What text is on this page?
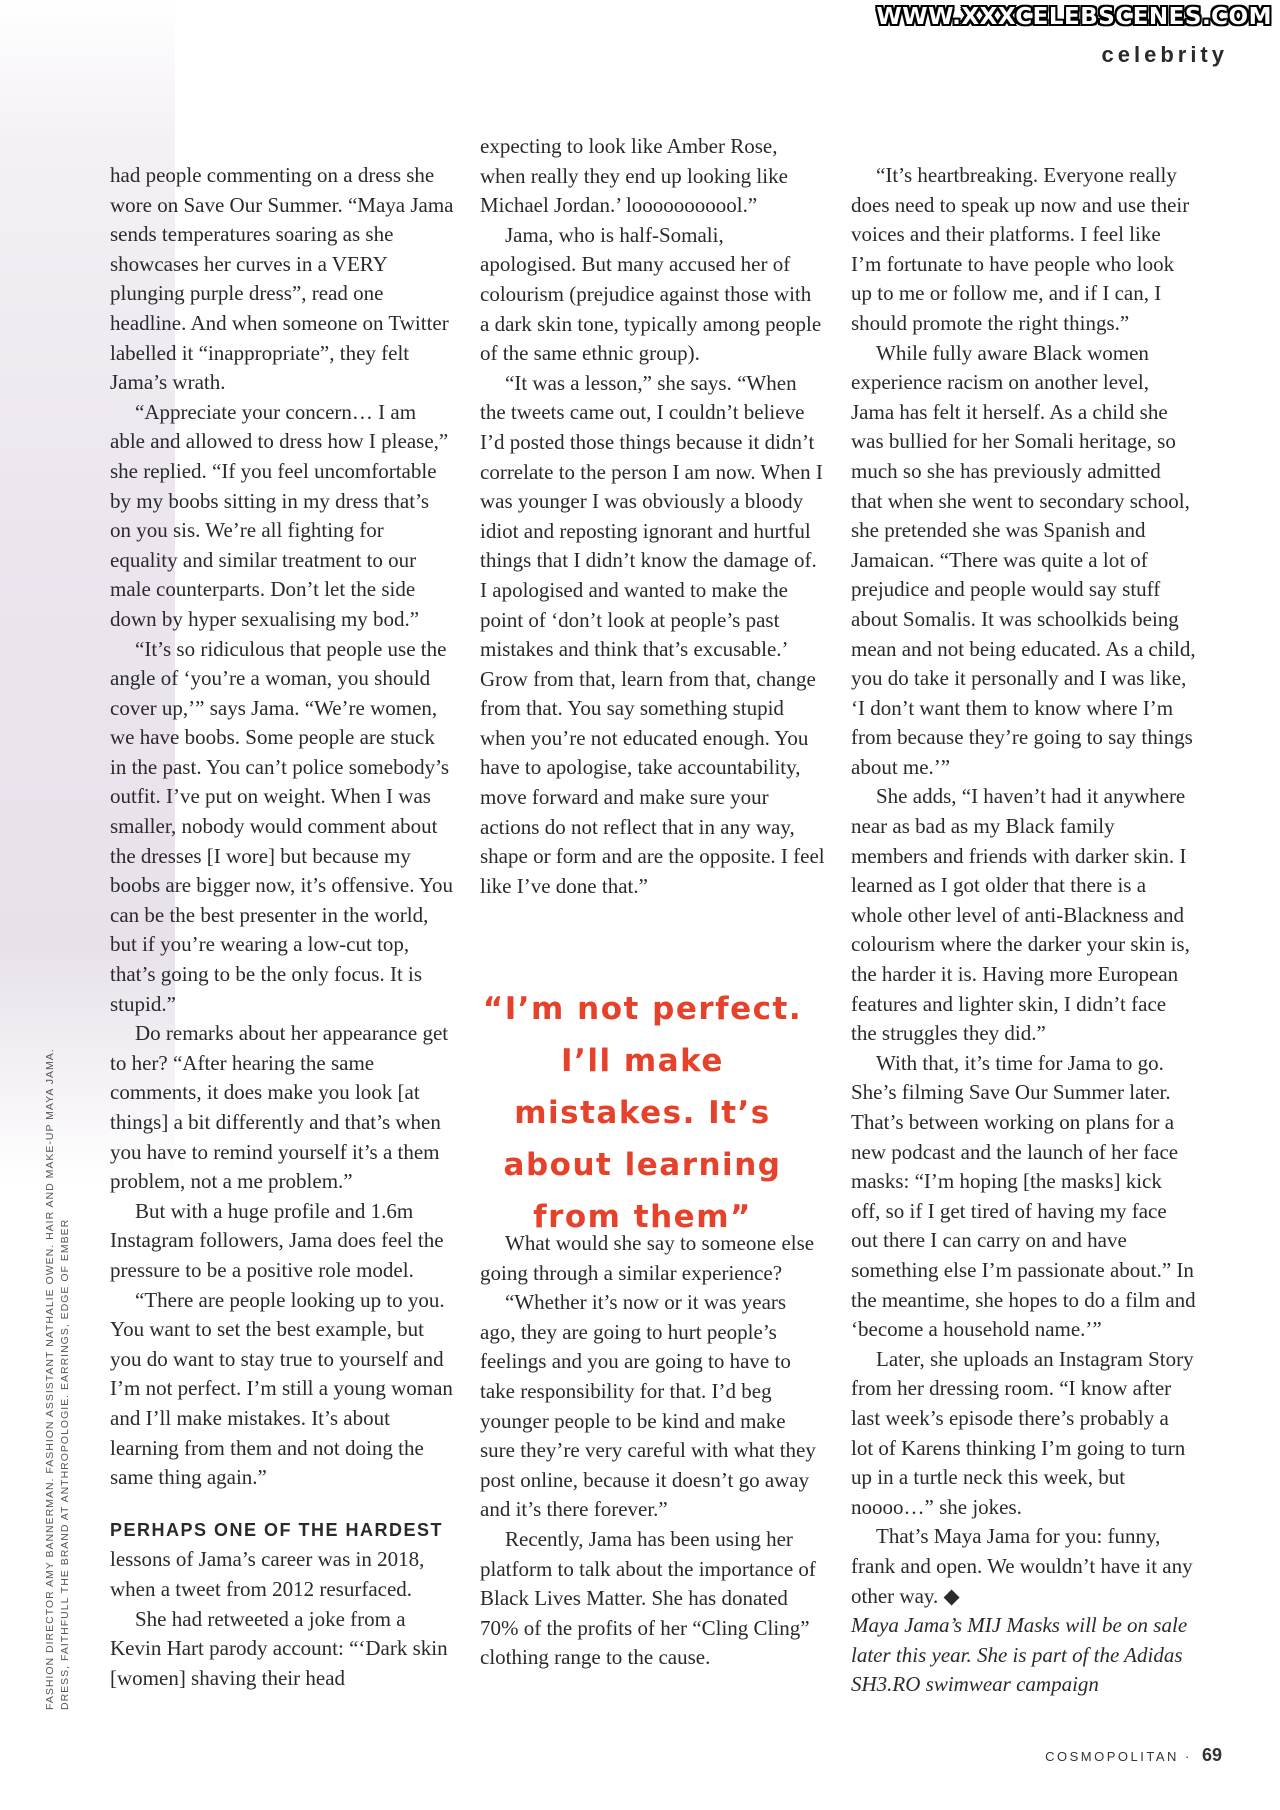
WWW.XXXCELEBSCENES.COM
celebrity

had people commenting on a dress she wore on Save Our Summer. “Maya Jama sends temperatures soaring as she showcases her curves in a VERY plunging purple dress”, read one headline. And when someone on Twitter labelled it “inappropriate”, they felt Jama’s wrath.

“Appreciate your concern… I am able and allowed to dress how I please,” she replied. “If you feel uncomfortable by my boobs sitting in my dress that’s on you sis. We’re all fighting for equality and similar treatment to our male counterparts. Don’t let the side down by hyper sexualising my bod.”

“It’s so ridiculous that people use the angle of ‘you’re a woman, you should cover up,’” says Jama. “We’re women, we have boobs. Some people are stuck in the past. You can’t police somebody’s outfit. I’ve put on weight. When I was smaller, nobody would comment about the dresses [I wore] but because my boobs are bigger now, it’s offensive. You can be the best presenter in the world, but if you’re wearing a low-cut top, that’s going to be the only focus. It is stupid.”

Do remarks about her appearance get to her? “After hearing the same comments, it does make you look [at things] a bit differently and that’s when you have to remind yourself it’s a them problem, not a me problem.”

But with a huge profile and 1.6m Instagram followers, Jama does feel the pressure to be a positive role model.

“There are people looking up to you. You want to set the best example, but you do want to stay true to yourself and I’m not perfect. I’m still a young woman and I’ll make mistakes. It’s about learning from them and not doing the same thing again.”

PERHAPS ONE OF THE HARDEST lessons of Jama’s career was in 2018, when a tweet from 2012 resurfaced.

She had retweeted a joke from a Kevin Hart parody account: “‘Dark skin [women] shaving their head

expecting to look like Amber Rose, when really they end up looking like Michael Jordan.’ looooooooool.”

Jama, who is half-Somali, apologised. But many accused her of colourism (prejudice against those with a dark skin tone, typically among people of the same ethnic group).

“It was a lesson,” she says. “When the tweets came out, I couldn’t believe I’d posted those things because it didn’t correlate to the person I am now. When I was younger I was obviously a bloody idiot and reposting ignorant and hurtful things that I didn’t know the damage of. I apologised and wanted to make the point of ‘don’t look at people’s past mistakes and think that’s excusable.’ Grow from that, learn from that, change from that. You say something stupid when you’re not educated enough. You have to apologise, take accountability, move forward and make sure your actions do not reflect that in any way, shape or form and are the opposite. I feel like I’ve done that.”

“I’m not perfect. I’ll make mistakes. It’s about learning from them”

What would she say to someone else going through a similar experience?

“Whether it’s now or it was years ago, they are going to hurt people’s feelings and you are going to have to take responsibility for that. I’d beg younger people to be kind and make sure they’re very careful with what they post online, because it doesn’t go away and it’s there forever.”

Recently, Jama has been using her platform to talk about the importance of Black Lives Matter. She has donated 70% of the profits of her “Cling Cling” clothing range to the cause.

“It’s heartbreaking. Everyone really does need to speak up now and use their voices and their platforms. I feel like I’m fortunate to have people who look up to me or follow me, and if I can, I should promote the right things.”

While fully aware Black women experience racism on another level, Jama has felt it herself. As a child she was bullied for her Somali heritage, so much so she has previously admitted that when she went to secondary school, she pretended she was Spanish and Jamaican. “There was quite a lot of prejudice and people would say stuff about Somalis. It was schoolkids being mean and not being educated. As a child, you do take it personally and I was like, ‘I don’t want them to know where I’m from because they’re going to say things about me.’”

She adds, “I haven’t had it anywhere near as bad as my Black family members and friends with darker skin. I learned as I got older that there is a whole other level of anti-Blackness and colourism where the darker your skin is, the harder it is. Having more European features and lighter skin, I didn’t face the struggles they did.”

With that, it’s time for Jama to go. She’s filming Save Our Summer later. That’s between working on plans for a new podcast and the launch of her face masks: “I’m hoping [the masks] kick off, so if I get tired of having my face out there I can carry on and have something else I’m passionate about.” In the meantime, she hopes to do a film and ‘become a household name.’”

Later, she uploads an Instagram Story from her dressing room. “I know after last week’s episode there’s probably a lot of Karens thinking I’m going to turn up in a turtle neck this week, but noooo…” she jokes.

That’s Maya Jama for you: funny, frank and open. We wouldn’t have it any other way. ◆

Maya Jama’s MIJ Masks will be on sale later this year. She is part of the Adidas SH3.RO swimwear campaign

FASHION DIRECTOR AMY BANNERMAN. FASHION ASSISTANT NATHALIE OWEN. HAIR AND MAKE-UP MAYA JAMA. DRESS, FAITHFULL THE BRAND AT ANTHROPOLOGIE. EARRINGS, EDGE OF EMBER
COSMOPOLITAN · 69
